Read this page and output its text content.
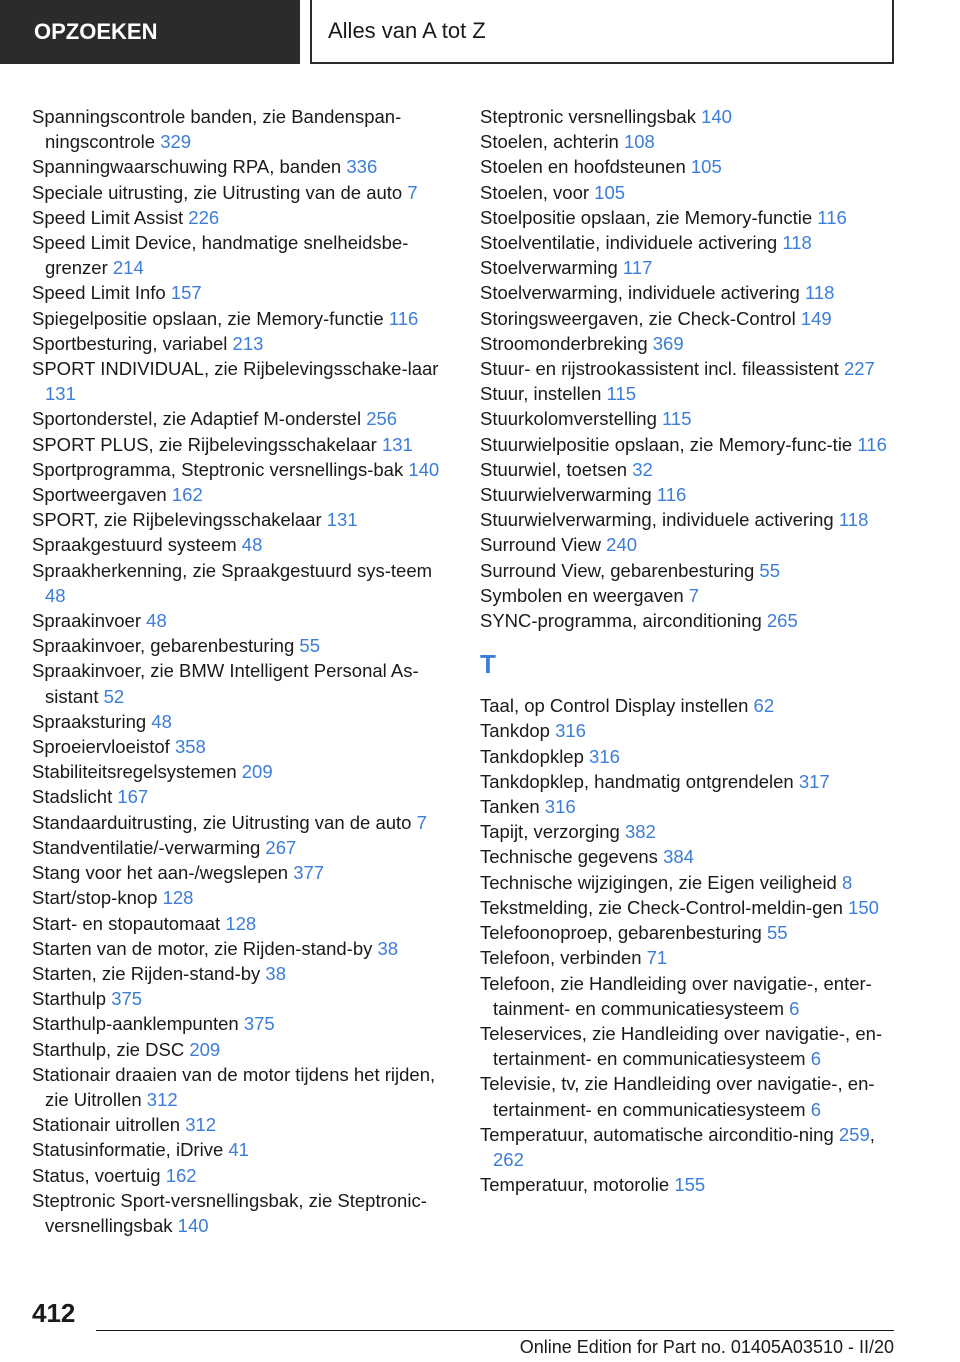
OPZOEKEN	Alles van A tot Z
Spanningscontrole banden, zie Bandenspan-ningscontrole 329
Spanningwaarschuwing RPA, banden 336
Speciale uitrusting, zie Uitrusting van de auto 7
Speed Limit Assist 226
Speed Limit Device, handmatige snelheidsbe-grenzer 214
Speed Limit Info 157
Spiegelpositie opslaan, zie Memory-functie 116
Sportbesturing, variabel 213
SPORT INDIVIDUAL, zie Rijbelevingsschake-laar 131
Sportonderstel, zie Adaptief M-onderstel 256
SPORT PLUS, zie Rijbelevingsschakelaar 131
Sportprogramma, Steptronic versnellings-bak 140
Sportweergaven 162
SPORT, zie Rijbelevingsschakelaar 131
Spraakgestuurd systeem 48
Spraakherkenning, zie Spraakgestuurd sys-teem 48
Spraakinvoer 48
Spraakinvoer, gebarenbesturing 55
Spraakinvoer, zie BMW Intelligent Personal As-sistant 52
Spraaksturing 48
Sproeiervloeistof 358
Stabiliteitsregelsystemen 209
Stadslicht 167
Standaarduitrusting, zie Uitrusting van de auto 7
Standventilatie/-verwarming 267
Stang voor het aan-/wegslepen 377
Start/stop-knop 128
Start- en stopautomaat 128
Starten van de motor, zie Rijden-stand-by 38
Starten, zie Rijden-stand-by 38
Starthulp 375
Starthulp-aanklempunten 375
Starthulp, zie DSC 209
Stationair draaien van de motor tijdens het rijden, zie Uitrollen 312
Stationair uitrollen 312
Statusinformatie, iDrive 41
Status, voertuig 162
Steptronic Sport-versnellingsbak, zie Steptronic-versnellingsbak 140
Steptronic versnellingsbak 140
Stoelen, achterin 108
Stoelen en hoofdsteunen 105
Stoelen, voor 105
Stoelpositie opslaan, zie Memory-functie 116
Stoelventilatie, individuele activering 118
Stoelverwarming 117
Stoelverwarming, individuele activering 118
Storingsweergaven, zie Check-Control 149
Stroomonderbreking 369
Stuur- en rijstrookassistent incl. fileassistent 227
Stuur, instellen 115
Stuurkolomverstelling 115
Stuurwielpositie opslaan, zie Memory-func-tie 116
Stuurwiel, toetsen 32
Stuurwielverwarming 116
Stuurwielverwarming, individuele activering 118
Surround View 240
Surround View, gebarenbesturing 55
Symbolen en weergaven 7
SYNC-programma, airconditioning 265
T
Taal, op Control Display instellen 62
Tankdop 316
Tankdopklep 316
Tankdopklep, handmatig ontgrendelen 317
Tanken 316
Tapijt, verzorging 382
Technische gegevens 384
Technische wijzigingen, zie Eigen veiligheid 8
Tekstmelding, zie Check-Control-meldin-gen 150
Telefoonoproep, gebarenbesturing 55
Telefoon, verbinden 71
Telefoon, zie Handleiding over navigatie-, enter-tainment- en communicatiesysteem 6
Teleservices, zie Handleiding over navigatie-, en-tertainment- en communicatiesysteem 6
Televisie, tv, zie Handleiding over navigatie-, en-tertainment- en communicatiesysteem 6
Temperatuur, automatische airconditio-ning 259, 262
Temperatuur, motorolie 155
412
Online Edition for Part no. 01405A03510 - II/20
